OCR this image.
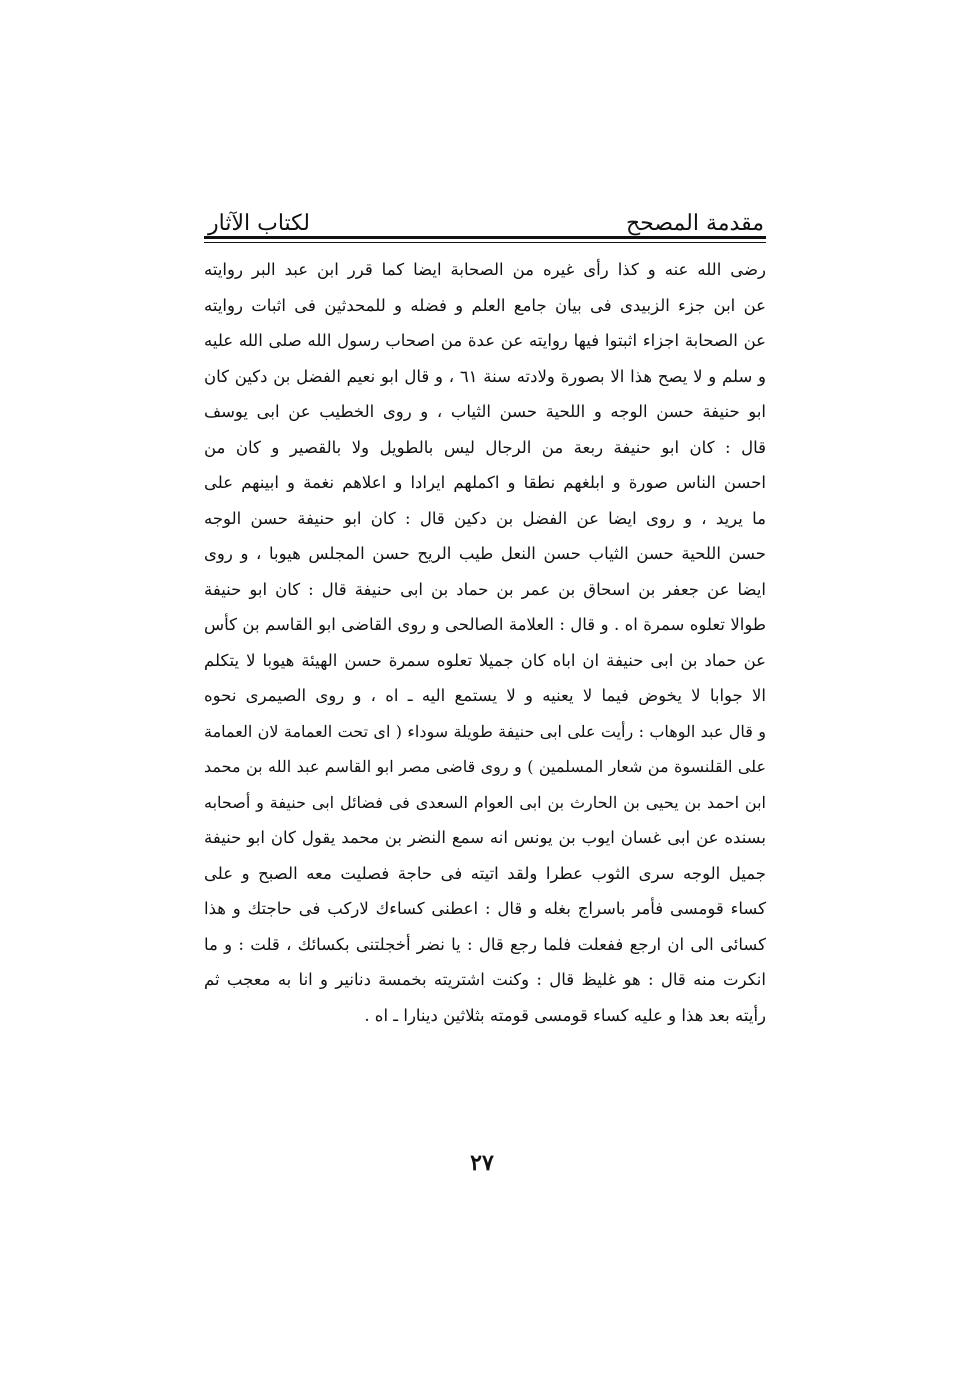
مقدمة المصحح
لكتاب الآثار
رضى الله عنه و كذا رأى غيره من الصحابة ايضا كما قرر ابن عبد البر روايته
عن ابن جزء الزبيدى فى بيان جامع العلم و فضله و للمحدثين فى اثبات روايته
عن الصحابة اجزاء اثبتوا فيها روايته عن عدة من اصحاب رسول الله صلى الله عليه
و سلم و لا يصح هذا الا بصورة ولادته سنة ٦١ ، و قال ابو نعيم الفضل بن دكين كان
ابو حنيفة حسن الوجه و اللحية حسن الثياب ، و روى الخطيب عن ابى يوسف
قال : كان ابو حنيفة ربعة من الرجال ليس بالطويل ولا بالقصير و كان من
احسن الناس صورة و ابلغهم نطقا و اكملهم ايرادا و اعلاهم نغمة و ابينهم على
ما يريد ، و روى ايضا عن الفضل بن دكين قال : كان ابو حنيفة حسن الوجه
حسن اللحية حسن الثياب حسن النعل طيب الريح حسن المجلس هيوبا ، و روى
ايضا عن جعفر بن اسحاق بن عمر بن حماد بن ابى حنيفة قال : كان ابو حنيفة
طوالا تعلوه سمرة اه . و قال : العلامة الصالحى و روى القاضى ابو القاسم بن كأس
عن حماد بن ابى حنيفة ان اباه كان جميلا تعلوه سمرة حسن الهيئة هيوبا لا يتكلم
الا جوابا لا يخوض فيما لا يعنيه و لا يستمع اليه ـ اه ، و روى الصيمرى نحوه
و قال عبد الوهاب : رأيت على ابى حنيفة طويلة سوداء ( اى تحت العمامة لان العمامة
على القلنسوة من شعار المسلمين ) و روى قاضى مصر ابو القاسم عبد الله بن محمد
ابن احمد بن يحيى بن الحارث بن ابى العوام السعدى فى فضائل ابى حنيفة و أصحابه
بسنده عن ابى غسان ايوب بن يونس انه سمع النضر بن محمد يقول كان ابو حنيفة
جميل الوجه سرى الثوب عطرا ولقد اتيته فى حاجة فصليت معه الصبح و على
كساء قومسى فأمر باسراج بغله و قال : اعطنى كساءك لاركب فى حاجتك و هذا
كسائى الى ان ارجع ففعلت فلما رجع قال : يا نضر أخجلتنى بكسائك ، قلت : و ما
انكرت منه قال : هو غليظ قال : وكنت اشتريته بخمسة دنانير و انا به معجب ثم
رأيته بعد هذا و عليه كساء قومسى قومته بثلاثين دينارا ـ اه .
٢٧
